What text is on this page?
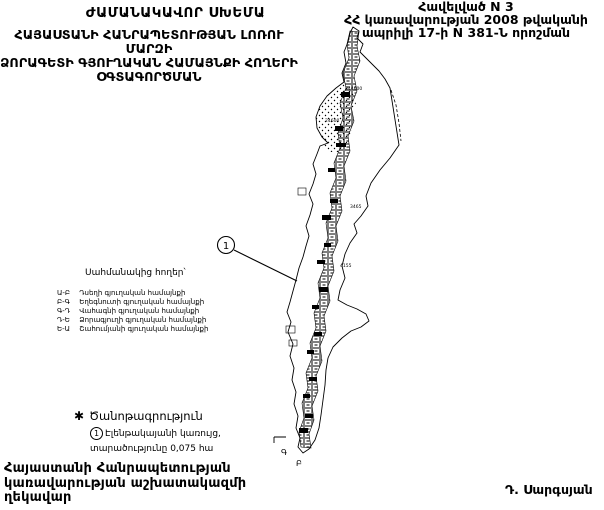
ԺԱՄԱՆԱԿԱՎՈՐ ՍԽԵՄԱ	Հավելված N 3
ՀՀ կառավարության 2008 թվականի
ապրիլի 17-ի N 381-Ն որոշման
ՀԱՅԱՍՏԱՆԻ ՀԱՆՐԱՊԵՏՈՒԹՅԱՆ ԼՈՌՈՒ ՄԱՐԶԻ
ՁՈՐԱԳԵՏԻ ԳՅՈՒՂԱԿԱՆ ՀԱՄԱՅՆՔԻ ՀՈՂԵՐԻ
ՕԳՏԱԳՈՐԾՄԱՆ
344600
24600
3465
4155
Գ
Բ
1
Սահմանակից հողեր՝
Ա-Բ Դսեղի գյուղական համայնքի
Բ-Գ Եղեգնուտի գյուղական համայնքի
Գ-Դ Վահագնի գյուղական համայնքի
Դ-Ե Ձորագյուղի գյուղական համայնքի
Ե-Ա Շահումյանի գյուղական համայնքի
✱ Ծանոթագրություն
1 Էլենթակայանի կառույց,
տարածությունը 0,075 հա
Հայաստանի Հանրապետության
կառավարության աշխատակազմի
ղեկավար
Դ. Սարգսյան
